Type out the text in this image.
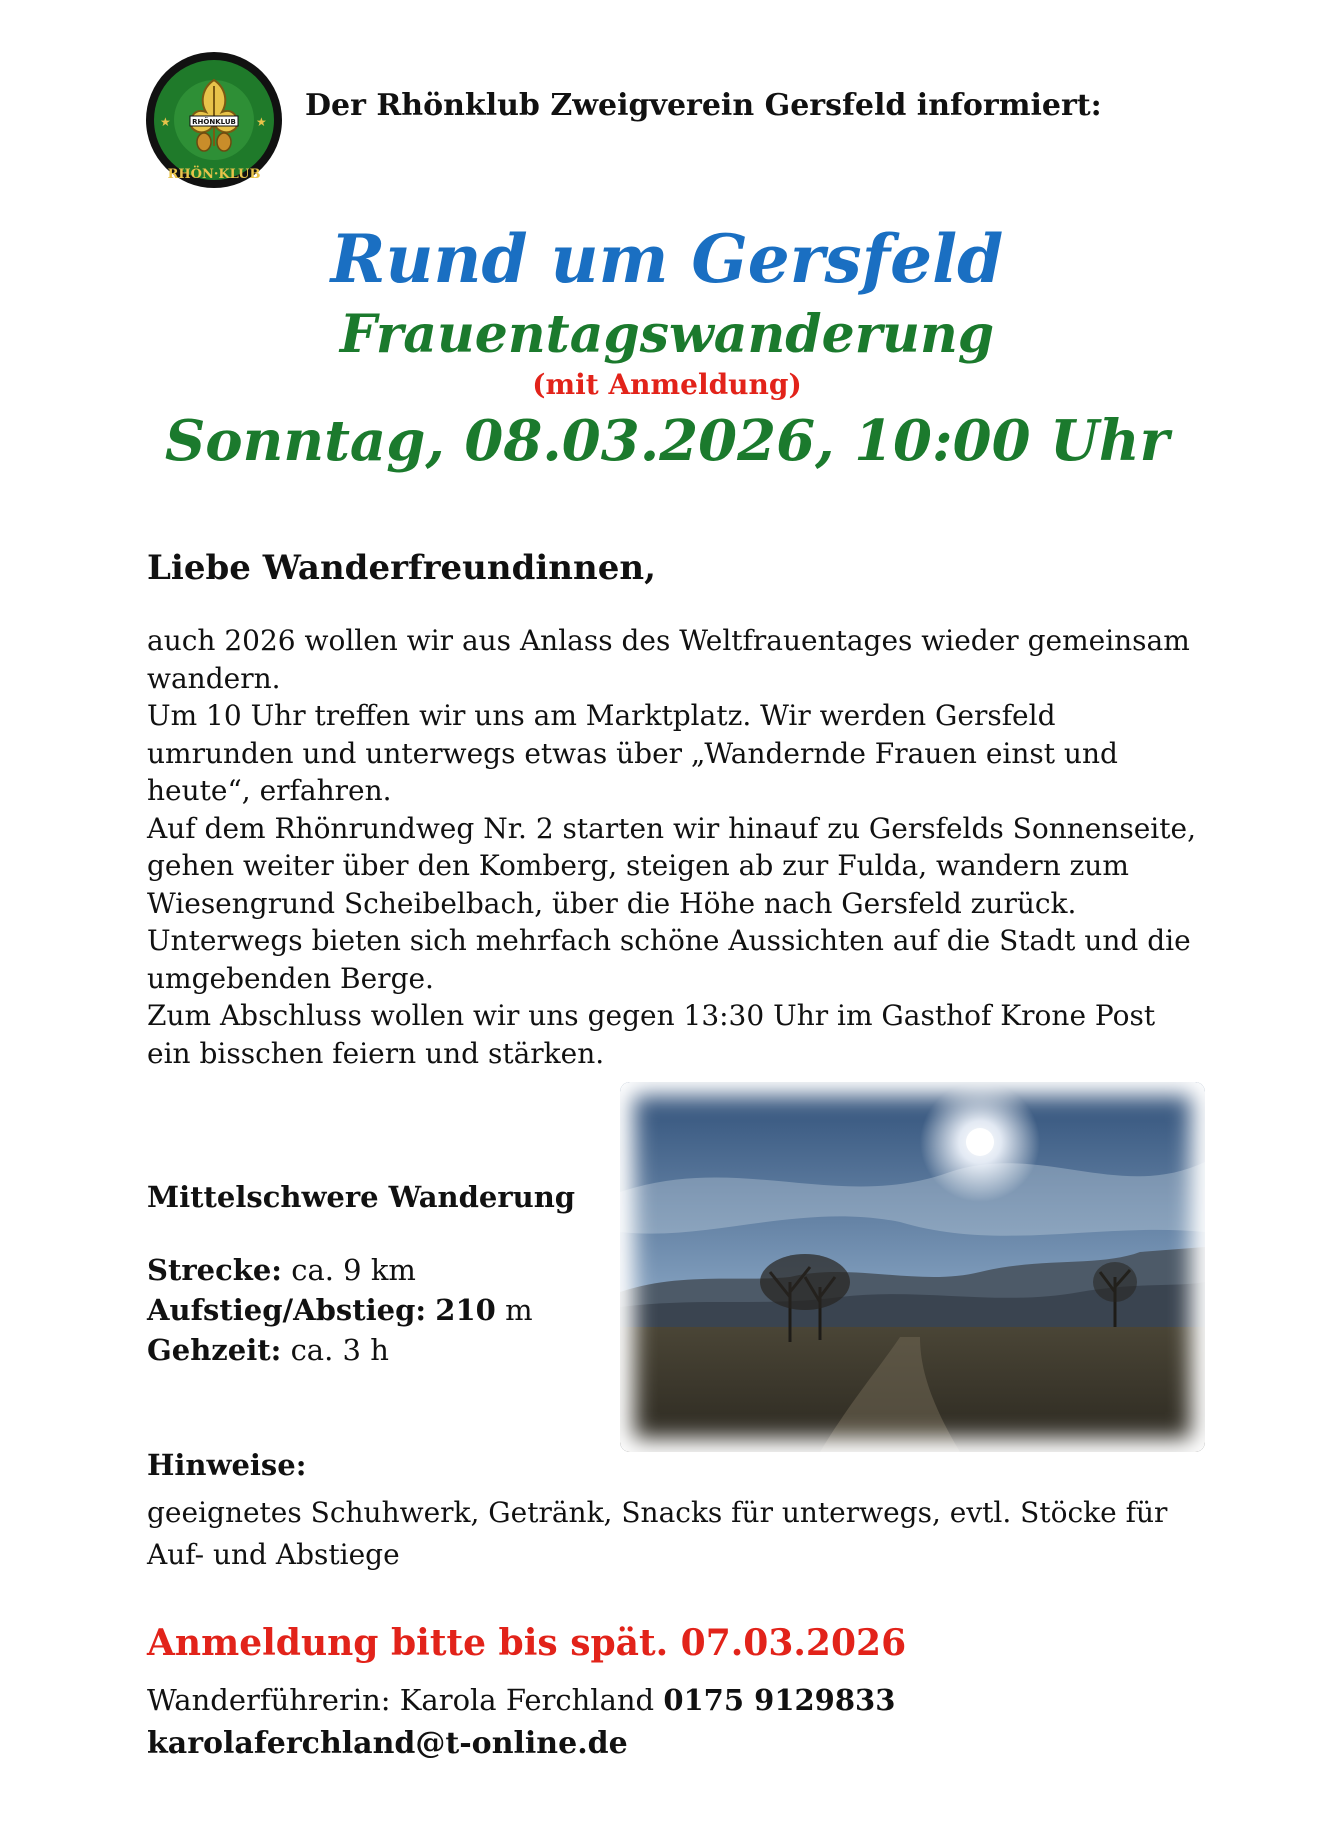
RHÖNKLUB
RHÖN·KLUB
★	★ Der Rhönklub Zweigverein Gersfeld informiert:
Rund um Gersfeld
Frauentagswanderung
(mit Anmeldung)
Sonntag, 08.03.2026, 10:00 Uhr
Liebe Wanderfreundinnen,

auch 2026 wollen wir aus Anlass des Weltfrauentages wieder gemeinsam wandern.

Um 10 Uhr treffen wir uns am Marktplatz. Wir werden Gersfeld umrunden und unterwegs etwas über „Wandernde Frauen einst und heute“, erfahren.

Auf dem Rhönrundweg Nr. 2 starten wir hinauf zu Gersfelds Sonnenseite, gehen weiter über den Komberg, steigen ab zur Fulda, wandern zum Wiesengrund Scheibelbach, über die Höhe nach Gersfeld zurück. Unterwegs bieten sich mehrfach schöne Aussichten auf die Stadt und die umgebenden Berge.

Zum Abschluss wollen wir uns gegen 13:30 Uhr im Gasthof Krone Post ein bisschen feiern und stärken.

Mittelschwere Wanderung
Strecke: ca. 9 km
Aufstieg/Abstieg: 210 m
Gehzeit: ca. 3 h
Hinweise:
geeignetes Schuhwerk, Getränk, Snacks für unterwegs, evtl. Stöcke für Auf- und Abstiege
Anmeldung bitte bis spät. 07.03.2026
Wanderführerin: Karola Ferchland 0175 9129833
karolaferchland@t-online.de
